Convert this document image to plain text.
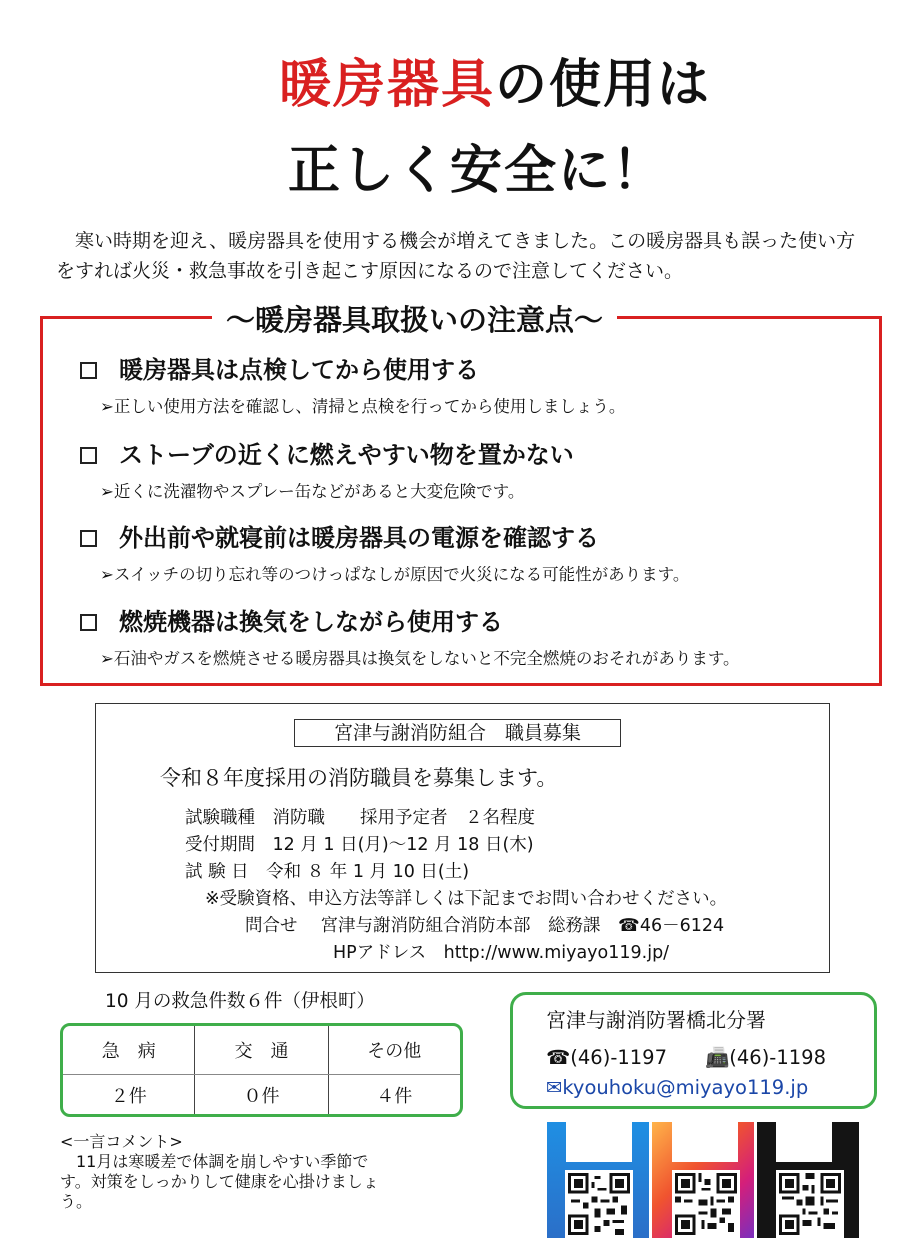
暖房器具の使用は
正しく安全に！

　寒い時期を迎え、暖房器具を使用する機会が増えてきました。この暖房器具も誤った使い方

をすれば火災・救急事故を引き起こす原因になるので注意してください。

～暖房器具取扱いの注意点～
暖房器具は点検してから使用する
➢正しい使用方法を確認し、清掃と点検を行ってから使用しましょう。
ストーブの近くに燃えやすい物を置かない
➢近くに洗濯物やスプレー缶などがあると大変危険です。
外出前や就寝前は暖房器具の電源を確認する
➢スイッチの切り忘れ等のつけっぱなしが原因で火災になる可能性があります。
燃焼機器は換気をしながら使用する
➢石油やガスを燃焼させる暖房器具は換気をしないと不完全燃焼のおそれがあります。
宮津与謝消防組合　職員募集
令和８年度採用の消防職員を募集します。
試験職種　消防職　　採用予定者　２名程度
受付期間　12 月 1 日(月)～12 月 18 日(木)
試 験 日　令和 ８ 年 1 月 10 日(土)
※受験資格、申込方法等詳しくは下記までお問い合わせください。
問合せ　 宮津与謝消防組合消防本部　総務課　☎46－6124
HPアドレス　http://www.miyayo119.jp/
10 月の救急件数６件（伊根町）
急　病	交　通	その他
２件	０件	４件

<一言コメント>

　11月は寒暖差で体調を崩しやすい季節で

す。対策をしっかりして健康を心掛けましょ

う。

宮津与謝消防署橋北分署
☎(46)-1197 📠(46)-1198
✉kyouhoku@miyayo119.jp
